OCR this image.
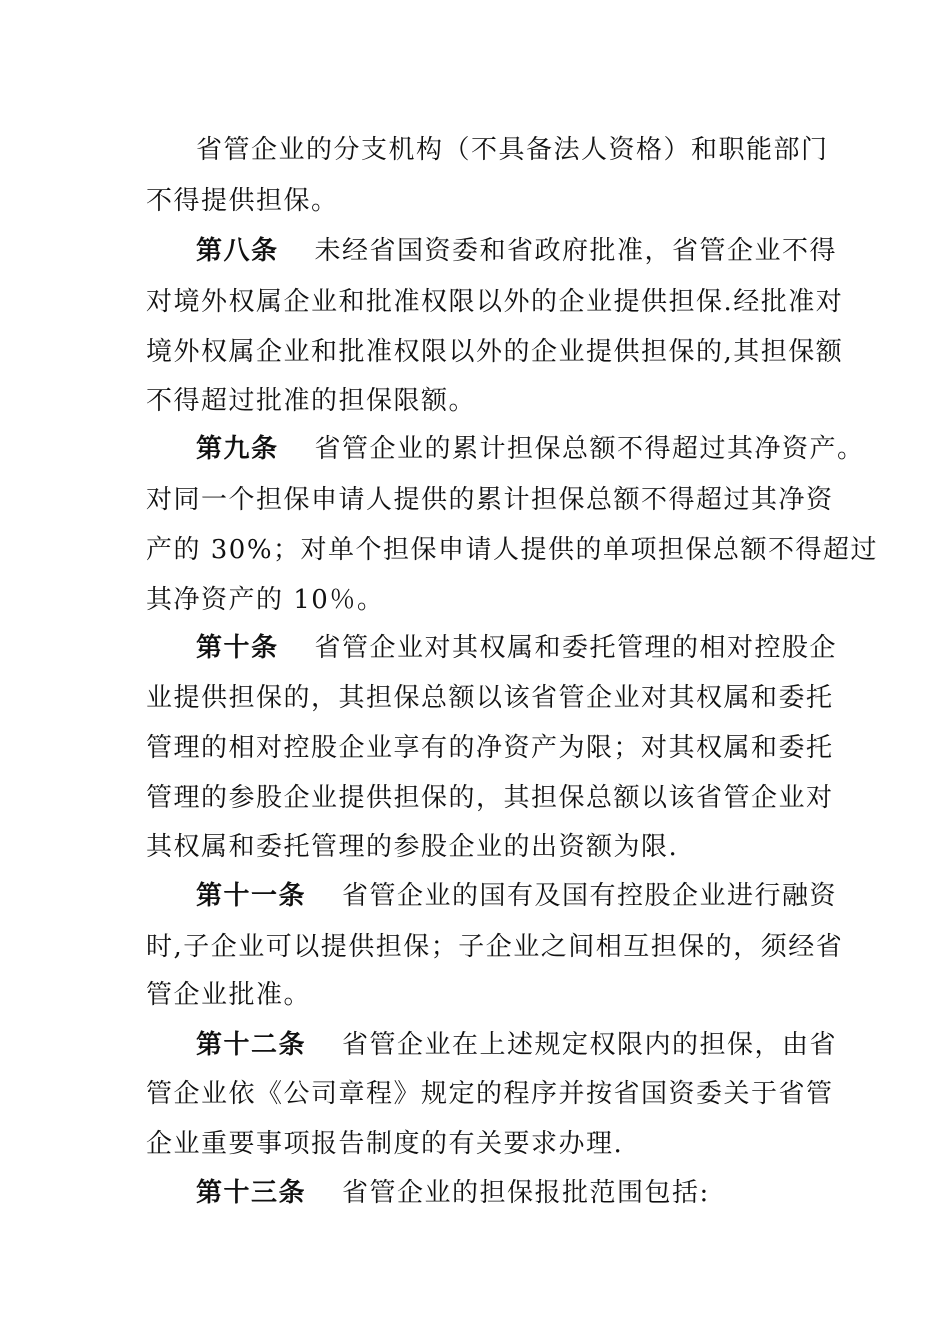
省管企业的分支机构（不具备法人资格）和职能部门
不得提供担保。
第八条 未经省国资委和省政府批准，省管企业不得
对境外权属企业和批准权限以外的企业提供担保.经批准对
境外权属企业和批准权限以外的企业提供担保的,其担保额
不得超过批准的担保限额。
第九条 省管企业的累计担保总额不得超过其净资产。
对同一个担保申请人提供的累计担保总额不得超过其净资
产的 30%；对单个担保申请人提供的单项担保总额不得超过
其净资产的 10％。
第十条 省管企业对其权属和委托管理的相对控股企
业提供担保的，其担保总额以该省管企业对其权属和委托
管理的相对控股企业享有的净资产为限；对其权属和委托
管理的参股企业提供担保的，其担保总额以该省管企业对
其权属和委托管理的参股企业的出资额为限.
第十一条 省管企业的国有及国有控股企业进行融资
时,子企业可以提供担保；子企业之间相互担保的，须经省
管企业批准。
第十二条 省管企业在上述规定权限内的担保，由省
管企业依《公司章程》规定的程序并按省国资委关于省管
企业重要事项报告制度的有关要求办理.
第十三条 省管企业的担保报批范围包括:
